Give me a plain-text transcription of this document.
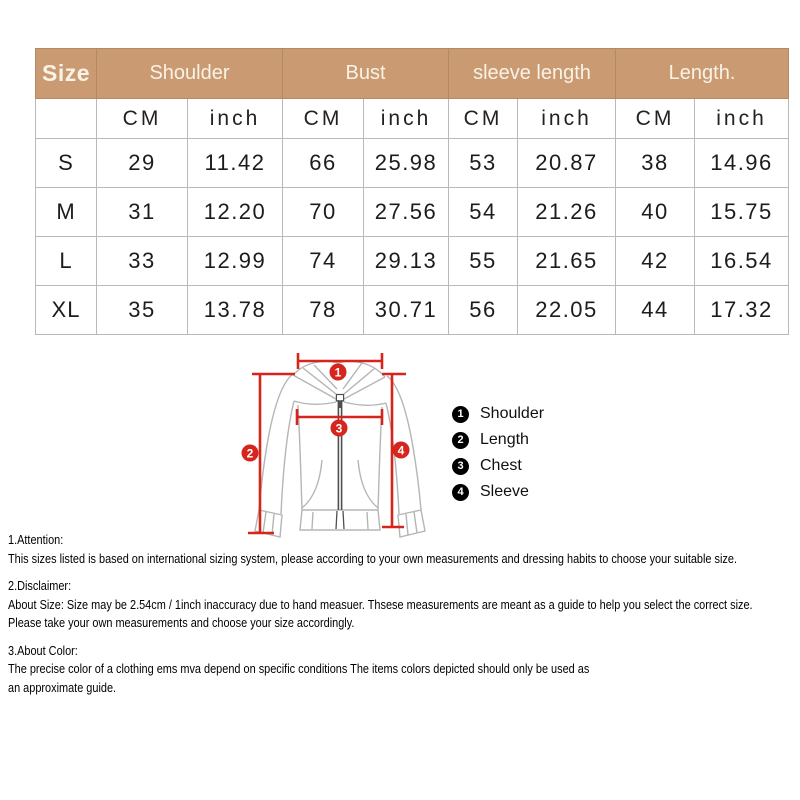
Size	Shoulder		Bust		sleeve length		Length.	
	CM	inch	CM	inch	CM	inch	CM	inch
S	29	11.42	66	25.98	53	20.87	38	14.96
M	31	12.20	70	27.56	54	21.26	40	15.75
L	33	12.99	74	29.13	55	21.65	42	16.54
XL	35	13.78	78	30.71	56	22.05	44	17.32
1
2
3
4
1	Shoulder
2	Length
3	Chest
4	Sleeve
1.Attention:
This sizes listed is based on international sizing system, please according to your own measurements and dressing habits to choose your suitable size.
2.Disclaimer:
About Size: Size may be 2.54cm / 1inch inaccuracy due to hand measuer. Thsese measurements are meant as a guide to help you select the correct size.
Please take your own measurements and choose your size accordingly.
3.About Color:
The precise color of a clothing ems mva depend on specific conditions The items colors depicted should only be used as
an approximate guide.
